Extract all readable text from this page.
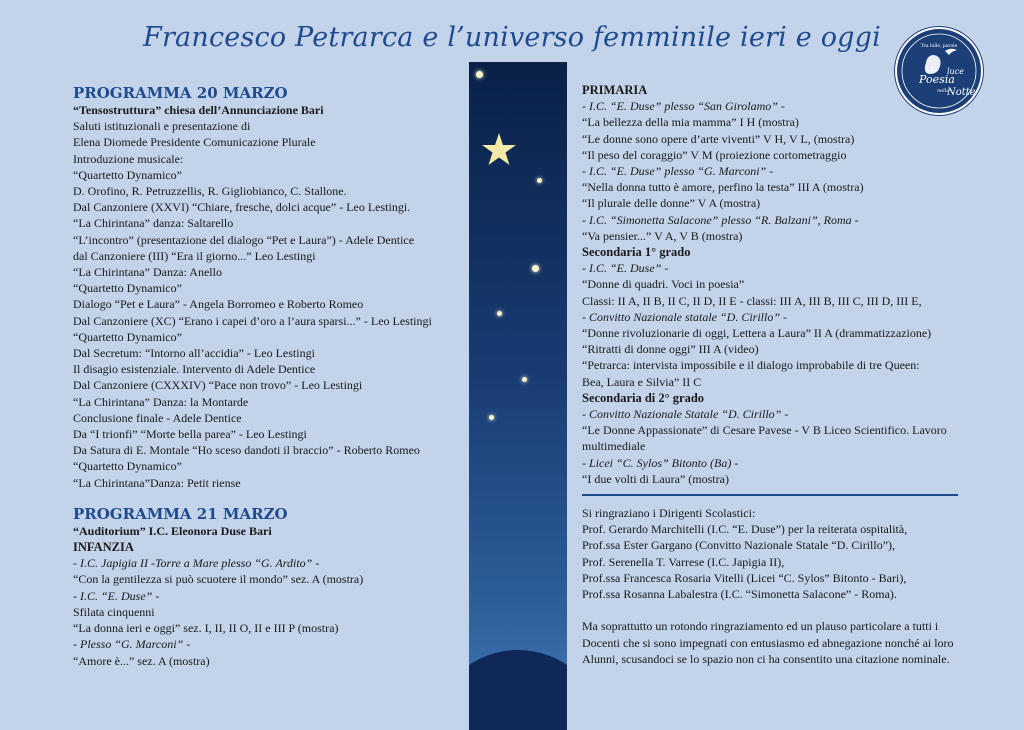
Francesco Petrarca e l’universo femminile ieri e oggi	Tra lulle, parole
La
Poesia
luce
nella
Notte
PROGRAMMA 20 MARZO
“Tensostruttura” chiesa dell’Annunciazione Bari
Saluti istituzionali e presentazione di
Elena Diomede Presidente Comunicazione Plurale
Introduzione musicale:
“Quartetto Dynamico”
D. Orofino, R. Petruzzellis, R. Gigliobianco, C. Stallone.
Dal Canzoniere (XXVI) “Chiare, fresche, dolci acque” - Leo Lestingi.
“La Chirintana” danza: Saltarello
“L’incontro” (presentazione del dialogo “Pet e Laura”) - Adele Dentice
dal Canzoniere (III) “Era il giorno...” Leo Lestingi
“La Chirintana” Danza: Anello
“Quartetto Dynamico”
Dialogo “Pet e Laura” - Angela Borromeo e Roberto Romeo
Dal Canzoniere (XC) “Erano i capei d’oro a l’aura sparsi...” - Leo Lestingi
“Quartetto Dynamico”
Dal Secretum: “Intorno all’accidia” - Leo Lestingi
Il disagio esistenziale. Intervento di Adele Dentice
Dal Canzoniere (CXXXIV) “Pace non trovo” - Leo Lestingi
“La Chirintana” Danza: la Montarde
Conclusione finale - Adele Dentice
Da “I trionfi” “Morte bella parea” - Leo Lestingi
Da Satura di E. Montale “Ho sceso dandoti il braccio” - Roberto Romeo
“Quartetto Dynamico”
“La Chirintana”Danza: Petit riense
PROGRAMMA 21 MARZO
“Auditorium” I.C. Eleonora Duse Bari
INFANZIA
- I.C. Japigia II -Torre a Mare plesso “G. Ardito” -
“Con la gentilezza si può scuotere il mondo” sez. A (mostra)
- I.C. “E. Duse” -
Sfilata cinquenni
“La donna ieri e oggi” sez. I, II, II O, II e III P (mostra)
- Plesso “G. Marconi” -
“Amore è...” sez. A (mostra)
PRIMARIA
- I.C. “E. Duse” plesso “San Girolamo” -
“La bellezza della mia mamma” I H (mostra)
“Le donne sono opere d’arte viventi” V H, V L, (mostra)
“Il peso del coraggio” V M (proiezione cortometraggio
- I.C. “E. Duse” plesso “G. Marconi” -
“Nella donna tutto è amore, perfino la testa” III A (mostra)
“Il plurale delle donne” V A (mostra)
- I.C. “Simonetta Salacone” plesso “R. Balzani”, Roma -
“Va pensier...” V A, V B (mostra)
Secondaria 1° grado
- I.C. “E. Duse” -
“Donne di quadri. Voci in poesia”
Classi: II A, II B, II C, II D, II E - classi: III A, III B, III C, III D, III E,
- Convitto Nazionale statale “D. Cirillo” -
“Donne rivoluzionarie di oggi, Lettera a Laura” II A (drammatizzazione)
“Ritratti di donne oggi” III A (video)
“Petrarca: intervista impossibile e il dialogo improbabile di tre Queen:
Bea, Laura e Silvia” II C
Secondaria di 2° grado
- Convitto Nazionale Statale “D. Cirillo” -
“Le Donne Appassionate” di Cesare Pavese - V B Liceo Scientifico. Lavoro
multimediale
- Licei “C. Sylos” Bitonto (Ba) -
“I due volti di Laura” (mostra)
Si ringraziano i Dirigenti Scolastici:
Prof. Gerardo Marchitelli (I.C. “E. Duse”) per la reiterata ospitalità,
Prof.ssa Ester Gargano (Convitto Nazionale Statale “D. Cirillo”),
Prof. Serenella T. Varrese (I.C. Japigia II),
Prof.ssa Francesca Rosaria Vitelli (Licei “C. Sylos” Bitonto - Bari),
Prof.ssa Rosanna Labalestra (I.C. “Simonetta Salacone” - Roma).
Ma soprattutto un rotondo ringraziamento ed un plauso particolare a tutti i Docenti che si sono impegnati con entusiasmo ed abnegazione nonché ai loro Alunni, scusandoci se lo spazio non ci ha consentito una citazione nominale.
